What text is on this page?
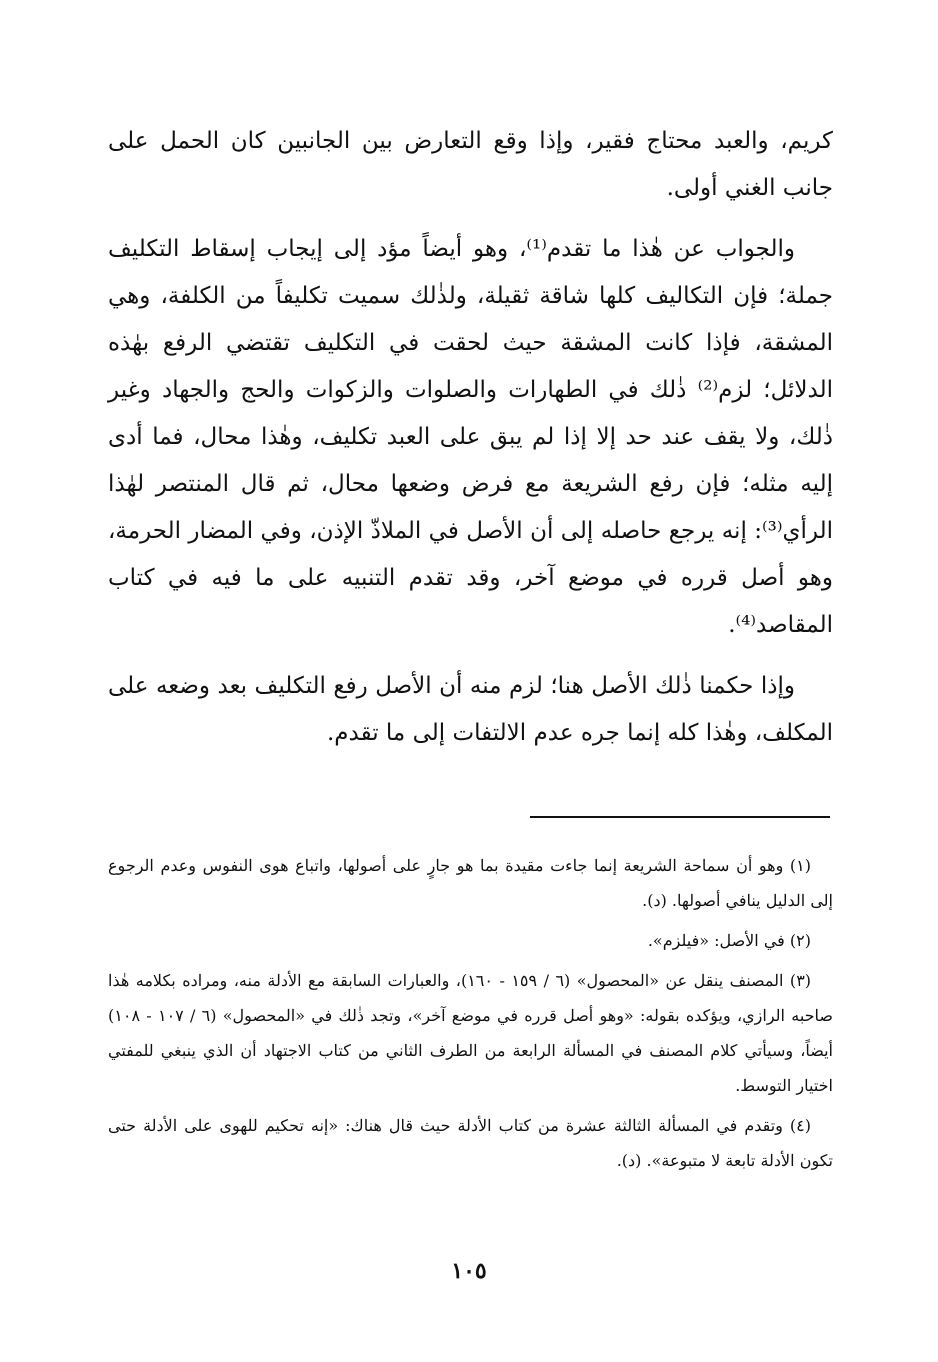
كريم، والعبد محتاج فقير، وإذا وقع التعارض بين الجانبين كان الحمل على جانب الغني أولى.

والجواب عن هٰذا ما تقدم⁽¹⁾، وهو أيضاً مؤد إلى إيجاب إسقاط التكليف جملة؛ فإن التكاليف كلها شاقة ثقيلة، ولذٰلك سميت تكليفاً من الكلفة، وهي المشقة، فإذا كانت المشقة حيث لحقت في التكليف تقتضي الرفع بهٰذه الدلائل؛ لزم⁽²⁾ ذٰلك في الطهارات والصلوات والزكوات والحج والجهاد وغير ذٰلك، ولا يقف عند حد إلا إذا لم يبق على العبد تكليف، وهٰذا محال، فما أدى إليه مثله؛ فإن رفع الشريعة مع فرض وضعها محال، ثم قال المنتصر لهٰذا الرأي⁽³⁾: إنه يرجع حاصله إلى أن الأصل في الملاذّ الإذن، وفي المضار الحرمة، وهو أصل قرره في موضع آخر، وقد تقدم التنبيه على ما فيه في كتاب المقاصد⁽⁴⁾.

وإذا حكمنا ذٰلك الأصل هنا؛ لزم منه أن الأصل رفع التكليف بعد وضعه على المكلف، وهٰذا كله إنما جره عدم الالتفات إلى ما تقدم.

(١) وهو أن سماحة الشريعة إنما جاءت مقيدة بما هو جارٍ على أصولها، واتباع هوى النفوس وعدم الرجوع إلى الدليل ينافي أصولها. (د).

(٢) في الأصل: «فيلزم».

(٣) المصنف ينقل عن «المحصول» (٦ / ١٥٩ - ١٦٠)، والعبارات السابقة مع الأدلة منه، ومراده بكلامه هٰذا صاحبه الرازي، ويؤكده بقوله: «وهو أصل قرره في موضع آخر»، وتجد ذٰلك في «المحصول» (٦ / ١٠٧ - ١٠٨) أيضاً، وسيأتي كلام المصنف في المسألة الرابعة من الطرف الثاني من كتاب الاجتهاد أن الذي ينبغي للمفتي اختيار التوسط.

(٤) وتقدم في المسألة الثالثة عشرة من كتاب الأدلة حيث قال هناك: «إنه تحكيم للهوى على الأدلة حتى تكون الأدلة تابعة لا متبوعة». (د).

١٠٥
